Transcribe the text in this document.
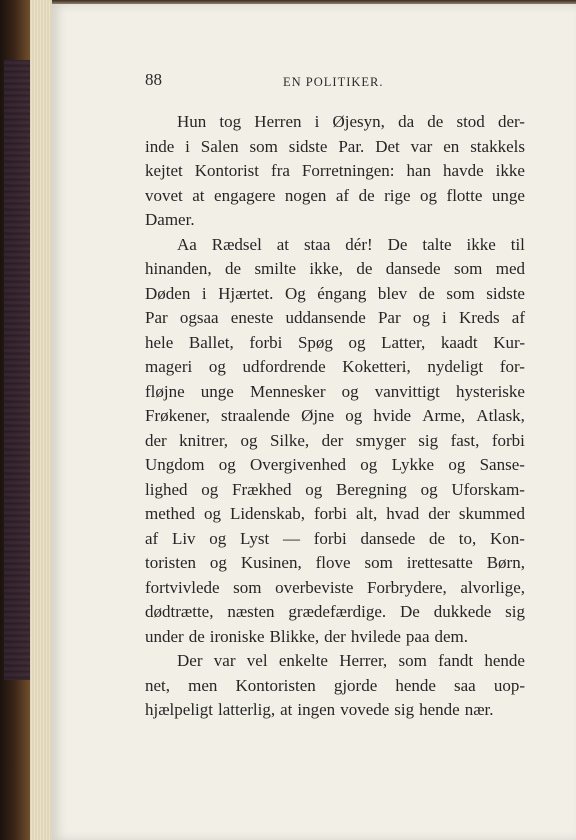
88	EN POLITIKER.
Hun tog Herren i Øjesyn, da de stod der-
inde i Salen som sidste Par. Det var en stakkels
kejtet Kontorist fra Forretningen: han havde ikke
vovet at engagere nogen af de rige og flotte unge
Damer.
Aa Rædsel at staa dér! De talte ikke til
hinanden, de smilte ikke, de dansede som med
Døden i Hjærtet. Og éngang blev de som sidste
Par ogsaa eneste uddansende Par og i Kreds af
hele Ballet, forbi Spøg og Latter, kaadt Kur-
mageri og udfordrende Koketteri, nydeligt for-
fløjne unge Mennesker og vanvittigt hysteriske
Frøkener, straalende Øjne og hvide Arme, Atlask,
der knitrer, og Silke, der smyger sig fast, forbi
Ungdom og Overgivenhed og Lykke og Sanse-
lighed og Frækhed og Beregning og Uforskam-
methed og Lidenskab, forbi alt, hvad der skummed
af Liv og Lyst — forbi dansede de to, Kon-
toristen og Kusinen, flove som irettesatte Børn,
fortvivlede som overbeviste Forbrydere, alvorlige,
dødtrætte, næsten grædefærdige. De dukkede sig
under de ironiske Blikke, der hvilede paa dem.
Der var vel enkelte Herrer, som fandt hende
net, men Kontoristen gjorde hende saa uop-
hjælpeligt latterlig, at ingen vovede sig hende nær.
